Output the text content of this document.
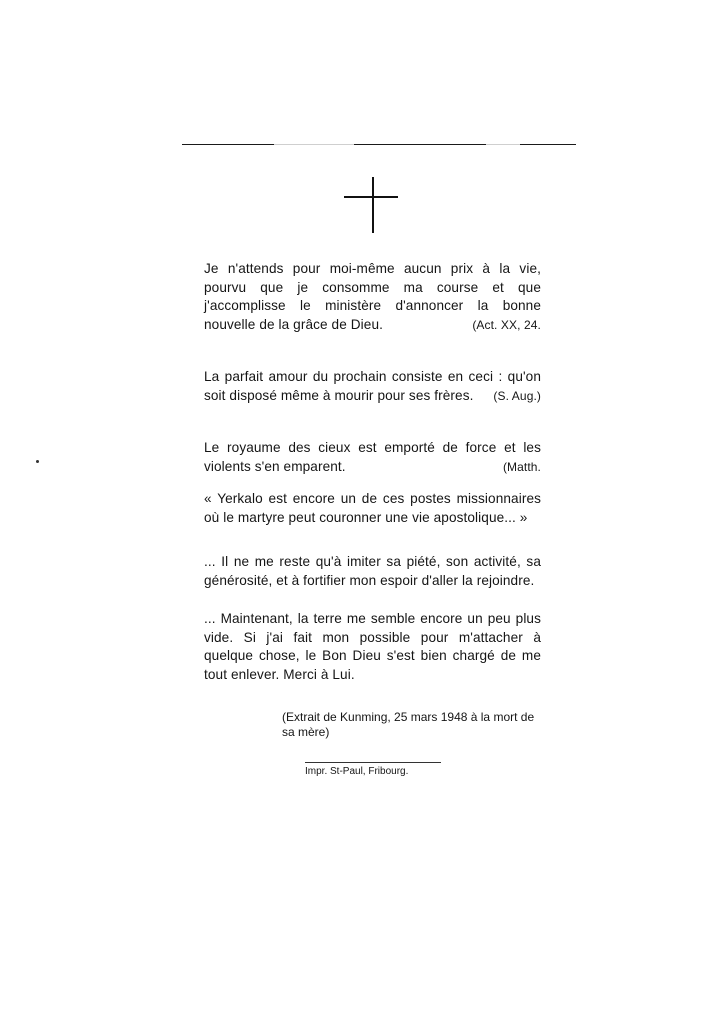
Je n'attends pour moi-même aucun prix à la vie, pourvu que je consomme ma course et que j'accomplisse le ministère d'annoncer la bonne nouvelle de la grâce de Dieu.	(Act. XX, 24.

La parfait amour du prochain consiste en ceci : qu'on soit disposé même à mourir pour ses frères. (S. Aug.)

Le royaume des cieux est emporté de force et les violents s'en emparent.	(Matth.

« Yerkalo est encore un de ces postes missionnaires où le martyre peut couronner une vie apostolique... »

... Il ne me reste qu'à imiter sa piété, son activité, sa générosité, et à fortifier mon espoir d'aller la rejoindre.

... Maintenant, la terre me semble encore un peu plus vide. Si j'ai fait mon possible pour m'attacher à quelque chose, le Bon Dieu s'est bien chargé de me tout enlever. Merci à Lui.

(Extrait de Kunming, 25 mars 1948 à la mort de sa mère)
Impr. St-Paul, Fribourg.
